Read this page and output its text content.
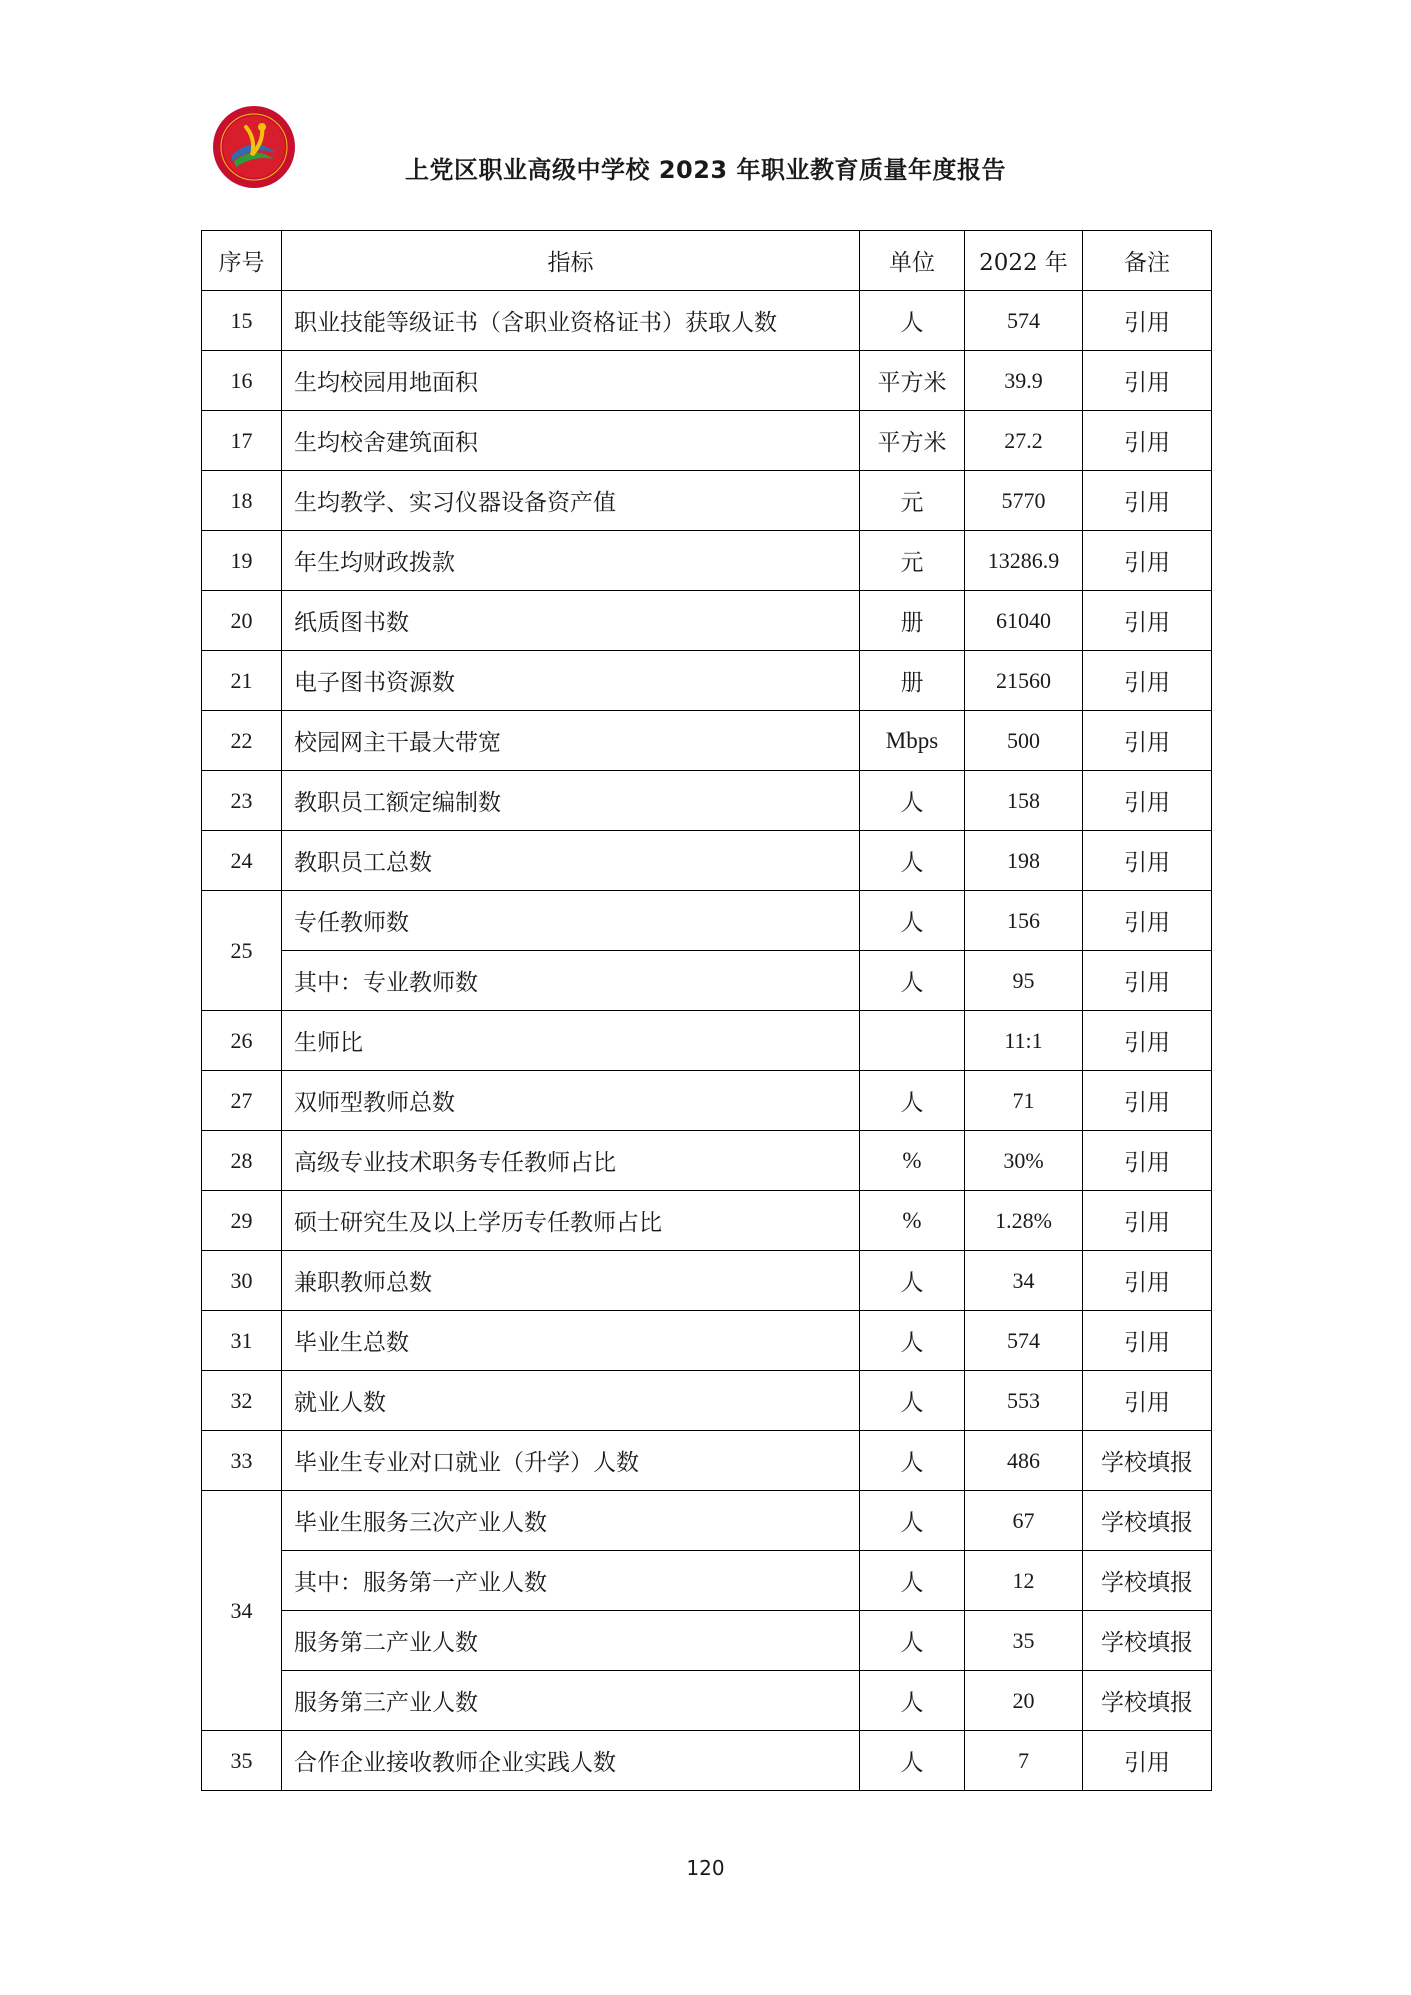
上党区职业高级中学校 2023 年职业教育质量年度报告
序号	指标	单位	2022 年	备注
15	职业技能等级证书（含职业资格证书）获取人数	人	574	引用
16	生均校园用地面积	平方米	39.9	引用
17	生均校舍建筑面积	平方米	27.2	引用
18	生均教学、实习仪器设备资产值	元	5770	引用
19	年生均财政拨款	元	13286.9	引用
20	纸质图书数	册	61040	引用
21	电子图书资源数	册	21560	引用
22	校园网主干最大带宽	Mbps	500	引用
23	教职员工额定编制数	人	158	引用
24	教职员工总数	人	198	引用
25	专任教师数	人	156	引用
	其中：专业教师数	人	95	引用
26	生师比		11:1	引用
27	双师型教师总数	人	71	引用
28	高级专业技术职务专任教师占比	%	30%	引用
29	硕士研究生及以上学历专任教师占比	%	1.28%	引用
30	兼职教师总数	人	34	引用
31	毕业生总数	人	574	引用
32	就业人数	人	553	引用
33	毕业生专业对口就业（升学）人数	人	486	学校填报
34	毕业生服务三次产业人数	人	67	学校填报
	其中：服务第一产业人数	人	12	学校填报
	服务第二产业人数	人	35	学校填报
	服务第三产业人数	人	20	学校填报
35	合作企业接收教师企业实践人数	人	7	引用
120
